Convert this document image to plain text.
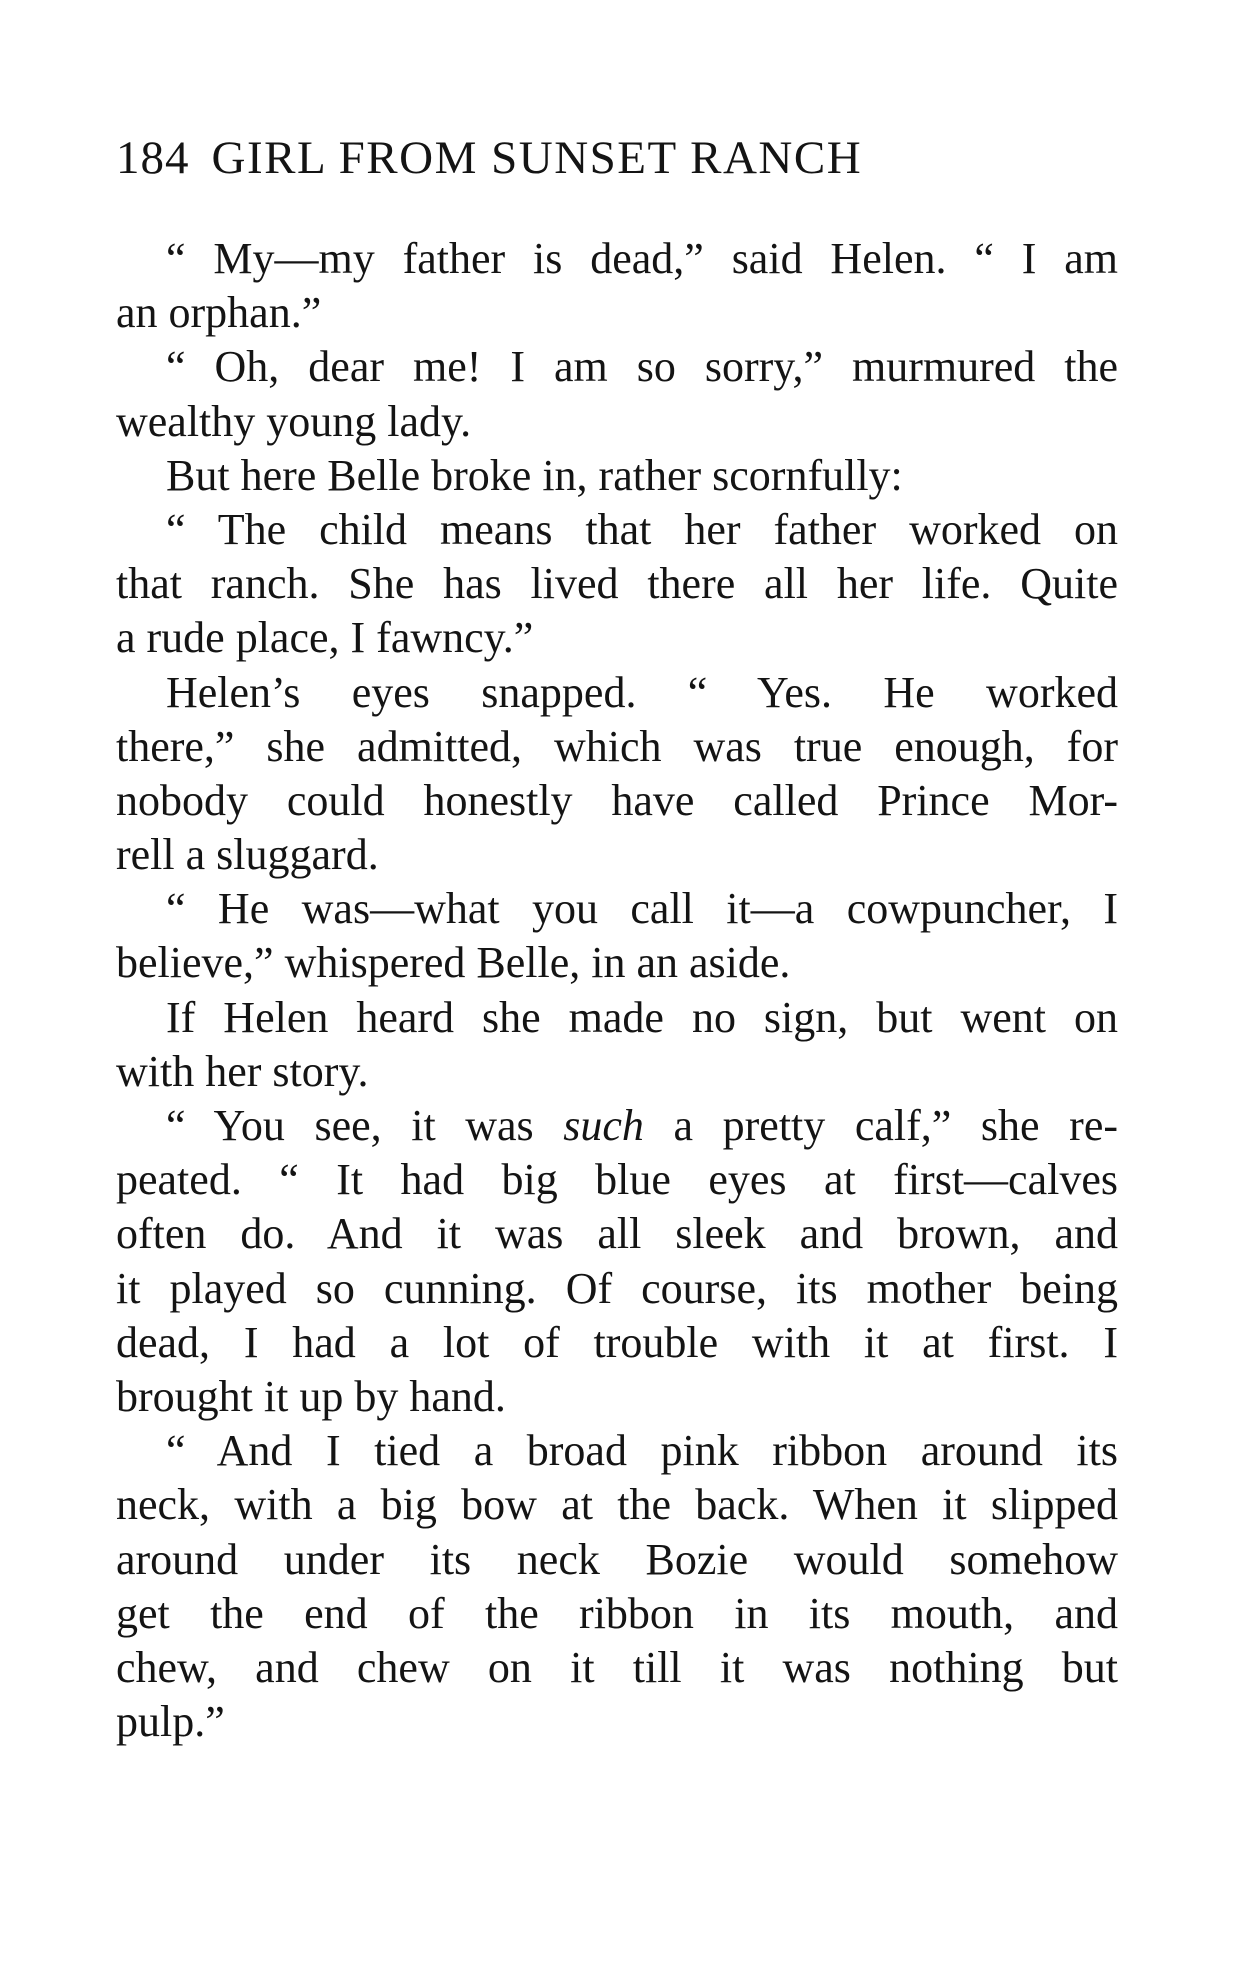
184 GIRL FROM SUNSET RANCH
“ My—my father is dead,” said Helen. “ I am
an orphan.”
“ Oh, dear me! I am so sorry,” murmured the
wealthy young lady.
But here Belle broke in, rather scornfully:
“ The child means that her father worked on
that ranch. She has lived there all her life. Quite
a rude place, I fawncy.”
Helen’s eyes snapped. “ Yes. He worked
there,” she admitted, which was true enough, for
nobody could honestly have called Prince Mor-
rell a sluggard.
“ He was—what you call it—a cowpuncher, I
believe,” whispered Belle, in an aside.
If Helen heard she made no sign, but went on
with her story.
“ You see, it was such a pretty calf,” she re-
peated. “ It had big blue eyes at first—calves
often do. And it was all sleek and brown, and
it played so cunning. Of course, its mother being
dead, I had a lot of trouble with it at first. I
brought it up by hand.
“ And I tied a broad pink ribbon around its
neck, with a big bow at the back. When it slipped
around under its neck Bozie would somehow
get the end of the ribbon in its mouth, and
chew, and chew on it till it was nothing but
pulp.”
